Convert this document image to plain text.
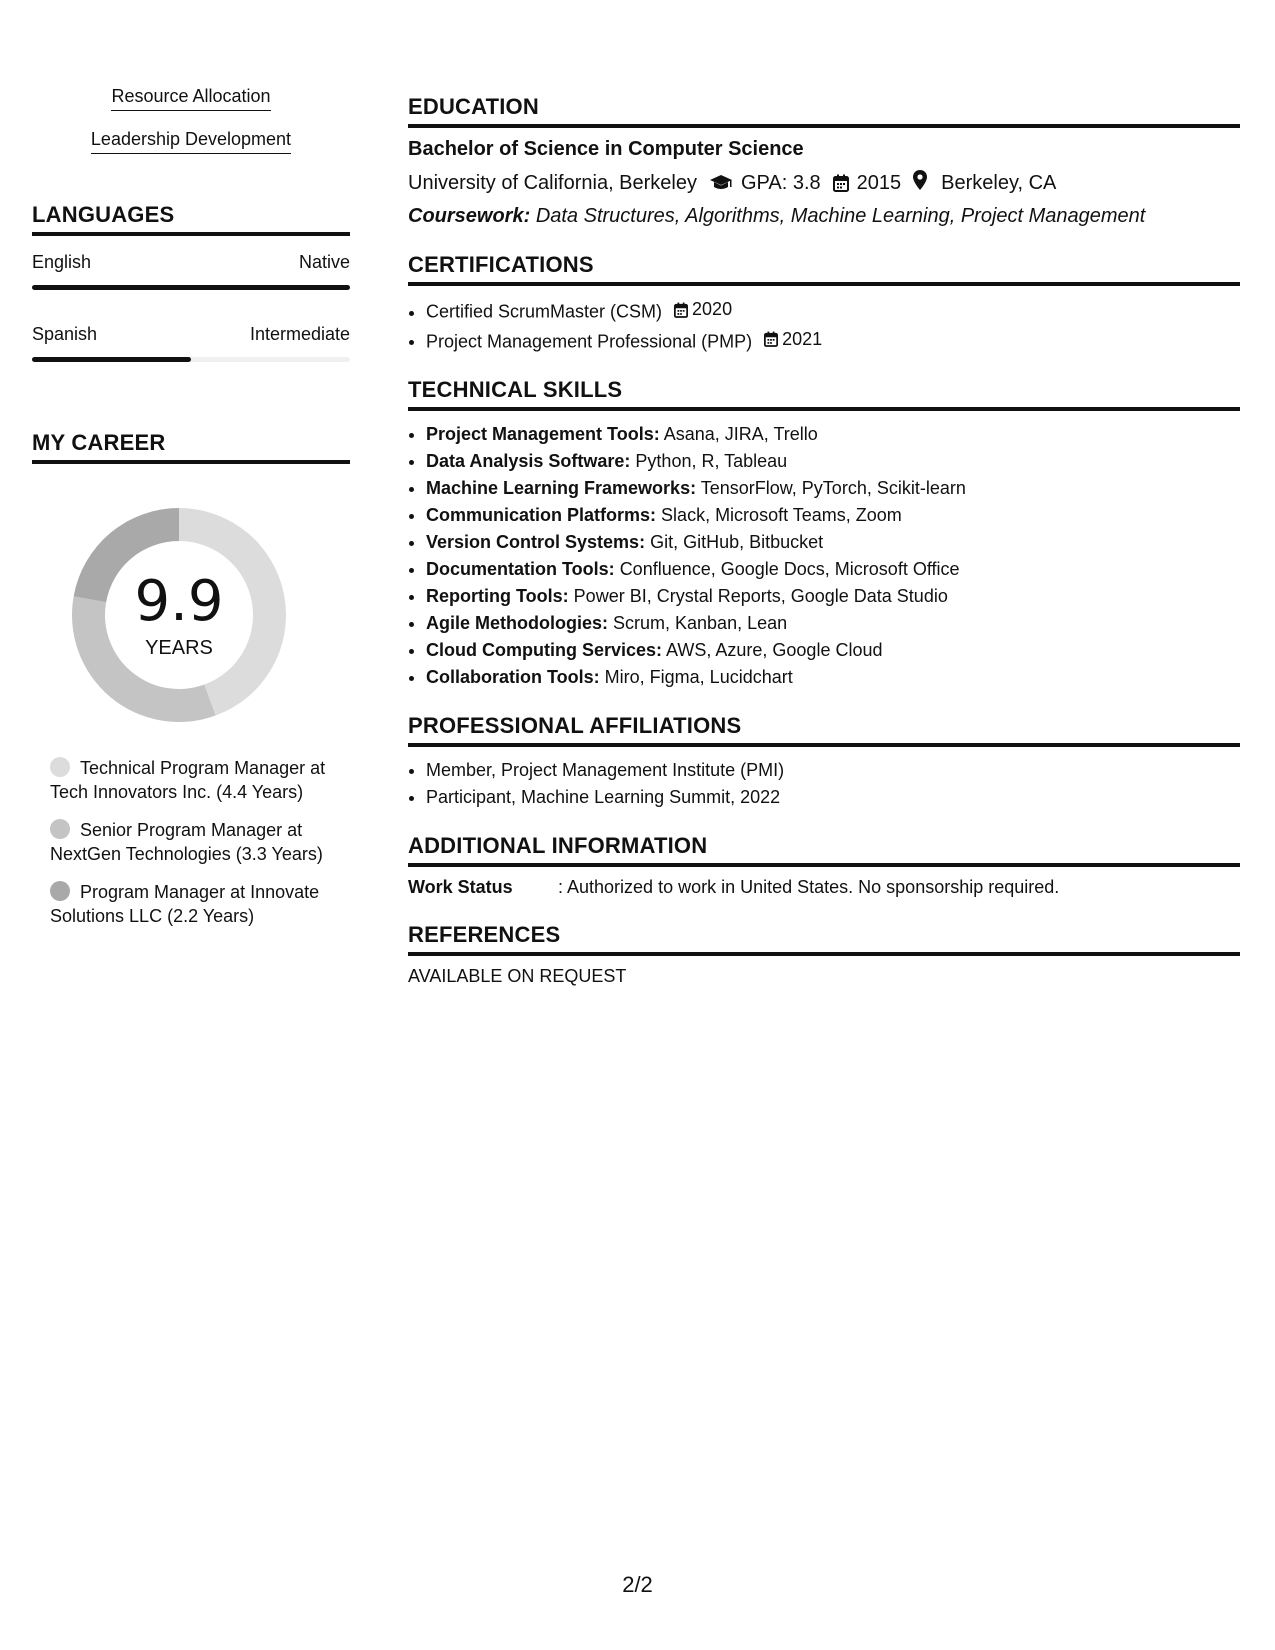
Resource Allocation
Leadership Development
LANGUAGES
English	Native
Spanish	Intermediate
MY CAREER
9.9
YEARS
Technical Program Manager at Tech Innovators Inc. (4.4 Years)
Senior Program Manager at NextGen Technologies (3.3 Years)
Program Manager at Innovate Solutions LLC (2.2 Years)
EDUCATION
Bachelor of Science in Computer Science
University of California, Berkeley GPA: 3.8 2015 Berkeley, CA
Coursework: Data Structures, Algorithms, Machine Learning, Project Management
CERTIFICATIONS
• Certified ScrumMaster (CSM) 2020
• Project Management Professional (PMP) 2021
TECHNICAL SKILLS
• Project Management Tools: Asana, JIRA, Trello
• Data Analysis Software: Python, R, Tableau
• Machine Learning Frameworks: TensorFlow, PyTorch, Scikit-learn
• Communication Platforms: Slack, Microsoft Teams, Zoom
• Version Control Systems: Git, GitHub, Bitbucket
• Documentation Tools: Confluence, Google Docs, Microsoft Office
• Reporting Tools: Power BI, Crystal Reports, Google Data Studio
• Agile Methodologies: Scrum, Kanban, Lean
• Cloud Computing Services: AWS, Azure, Google Cloud
• Collaboration Tools: Miro, Figma, Lucidchart
PROFESSIONAL AFFILIATIONS
• Member, Project Management Institute (PMI)
• Participant, Machine Learning Summit, 2022
ADDITIONAL INFORMATION
Work Status	: Authorized to work in United States. No sponsorship required.
REFERENCES
AVAILABLE ON REQUEST
2/2
